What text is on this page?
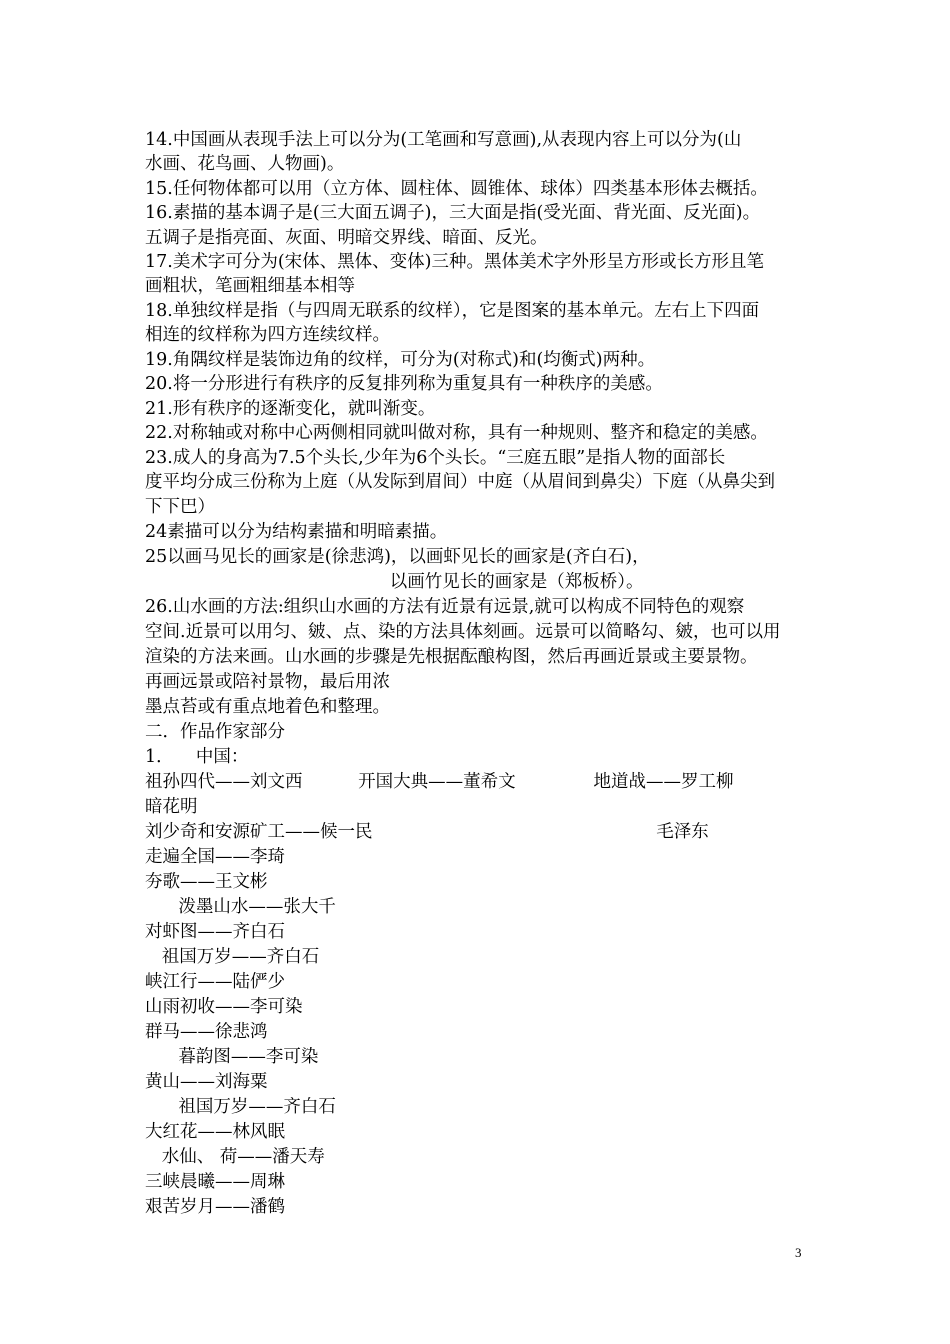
14.中国画从表现手法上可以分为(工笔画和写意画),从表现内容上可以分为(山
水画、花鸟画、人物画)。
15.任何物体都可以用（立方体、圆柱体、圆锥体、球体）四类基本形体去概括。
16.素描的基本调子是(三大面五调子)，三大面是指(受光面、背光面、反光面)。
五调子是指亮面、灰面、明暗交界线、暗面、反光。
17.美术字可分为(宋体、黑体、变体)三种。黑体美术字外形呈方形或长方形且笔
画粗状，笔画粗细基本相等
18.单独纹样是指（与四周无联系的纹样），它是图案的基本单元。左右上下四面
相连的纹样称为四方连续纹样。
19.角隅纹样是装饰边角的纹样，可分为(对称式)和(均衡式)两种。
20.将一分形进行有秩序的反复排列称为重复具有一种秩序的美感。
21.形有秩序的逐渐变化，就叫渐变。
22.对称轴或对称中心两侧相同就叫做对称，具有一种规则、整齐和稳定的美感。
23.成人的身高为7.5个头长,少年为6个头长。“三庭五眼”是指人物的面部长
度平均分成三份称为上庭（从发际到眉间）中庭（从眉间到鼻尖）下庭（从鼻尖到
下下巴）
24素描可以分为结构素描和明暗素描。
25以画马见长的画家是(徐悲鸿)，以画虾见长的画家是(齐白石)，
以画竹见长的画家是（郑板桥）。
26.山水画的方法:组织山水画的方法有近景有远景,就可以构成不同特色的观察
空间.近景可以用匀、皴、点、染的方法具体刻画。远景可以简略勾、皴，也可以用
渲染的方法来画。山水画的步骤是先根据酝酿构图，然后再画近景或主要景物。
再画远景或陪衬景物，最后用浓
墨点苔或有重点地着色和整理。
二．作品作家部分
1．    中国：
祖孙四代——刘文西          开国大典——董希文              地道战——罗工柳
暗花明
刘少奇和安源矿工——候一民                                                   毛泽东
走遍全国——李琦
夯歌——王文彬
泼墨山水——张大千
对虾图——齐白石
祖国万岁——齐白石
峡江行——陆俨少
山雨初收——李可染
群马——徐悲鸿
暮韵图——李可染
黄山——刘海粟
祖国万岁——齐白石
大红花——林风眠
水仙、 荷——潘天寿
三峡晨曦——周琳
艰苦岁月——潘鹤
3
